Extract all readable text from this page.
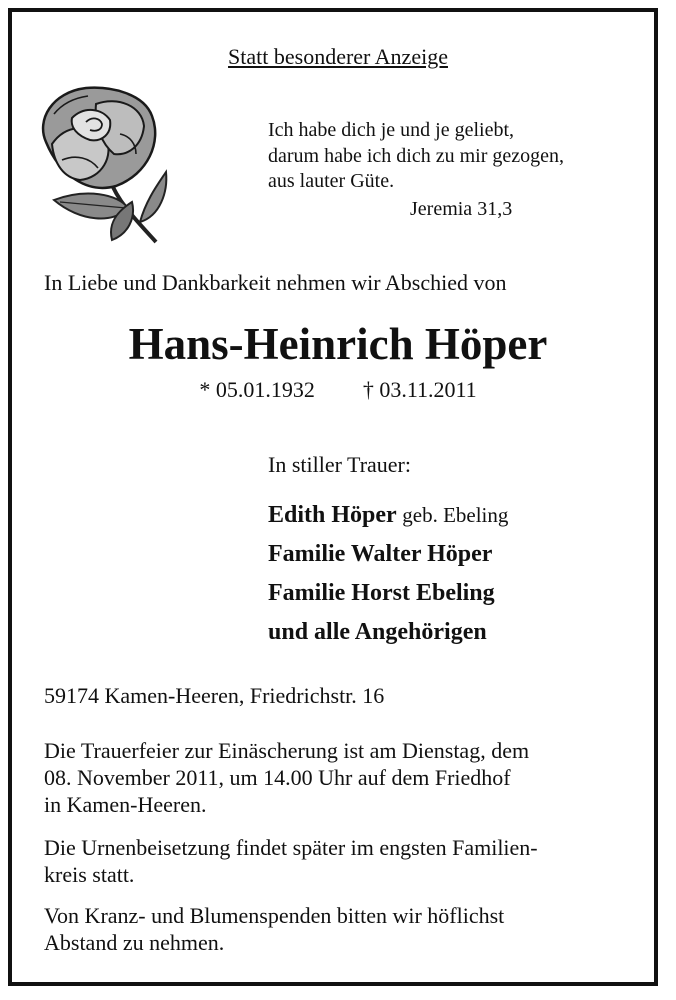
Statt besonderer Anzeige
Ich habe dich je und je geliebt,
darum habe ich dich zu mir gezogen,
aus lauter Güte.
Jeremia 31,3
In Liebe und Dankbarkeit nehmen wir Abschied von
Hans-Heinrich Höper
* 05.01.1932 † 03.11.2011
In stiller Trauer:
Edith Höper geb. Ebeling
Familie Walter Höper
Familie Horst Ebeling
und alle Angehörigen
59174 Kamen-Heeren, Friedrichstr. 16
Die Trauerfeier zur Einäscherung ist am Dienstag, dem
08. November 2011, um 14.00 Uhr auf dem Friedhof
in Kamen-Heeren.
Die Urnenbeisetzung findet später im engsten Familien-
kreis statt.
Von Kranz- und Blumenspenden bitten wir höflichst
Abstand zu nehmen.
